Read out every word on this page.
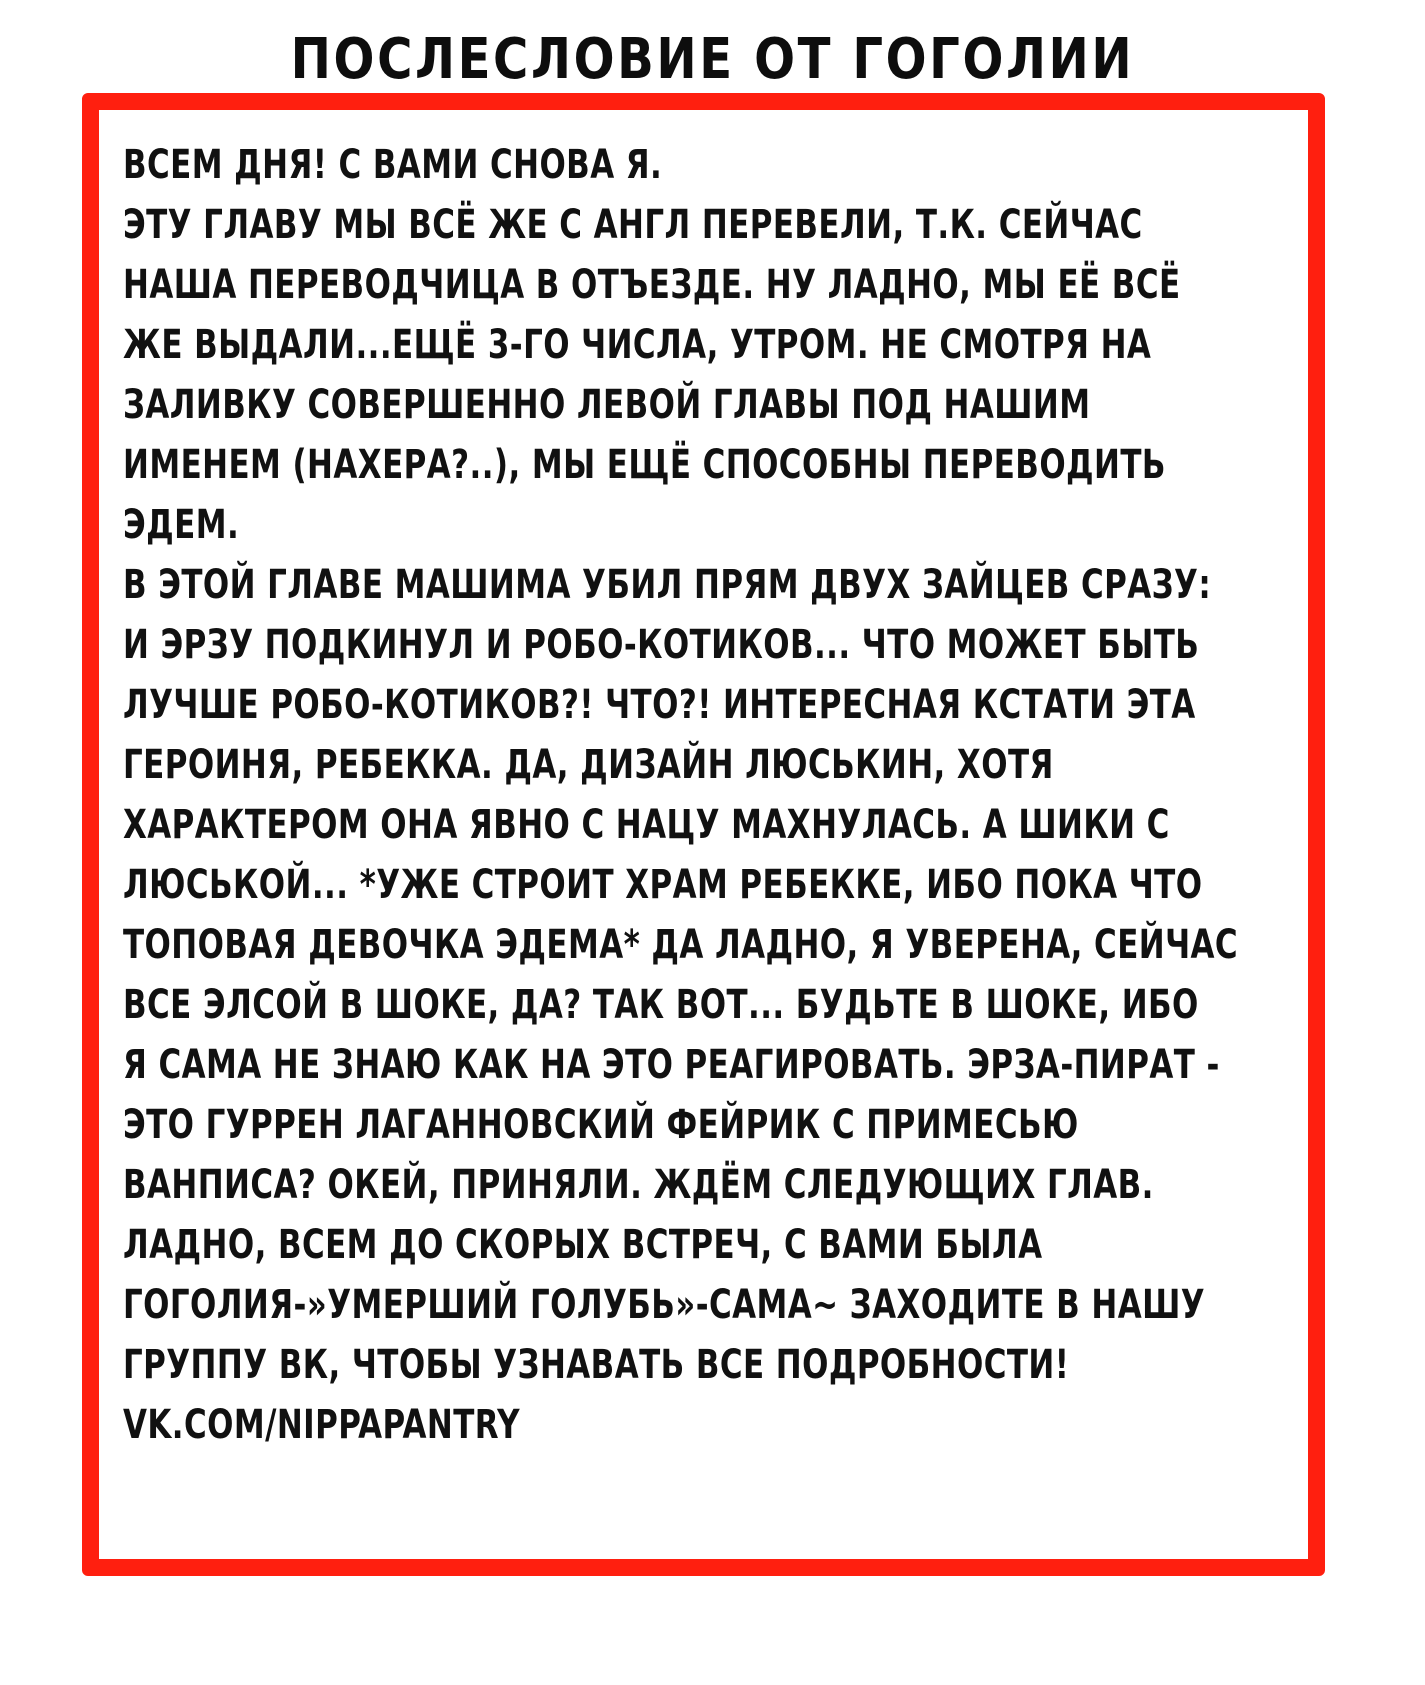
ПОСЛЕСЛОВИЕ ОТ ГОГОЛИИ
ВСЕМ ДНЯ! С ВАМИ СНОВА Я.
ЭТУ ГЛАВУ МЫ ВСЁ ЖЕ С АНГЛ ПЕРЕВЕЛИ, Т.К. СЕЙЧАС
НАША ПЕРЕВОДЧИЦА В ОТЪЕЗДЕ. НУ ЛАДНО, МЫ ЕЁ ВСЁ
ЖЕ ВЫДАЛИ...ЕЩЁ 3-ГО ЧИСЛА, УТРОМ. НЕ СМОТРЯ НА
ЗАЛИВКУ СОВЕРШЕННО ЛЕВОЙ ГЛАВЫ ПОД НАШИМ
ИМЕНЕМ (НАХЕРА?..), МЫ ЕЩЁ СПОСОБНЫ ПЕРЕВОДИТЬ
ЭДЕМ.
В ЭТОЙ ГЛАВЕ МАШИМА УБИЛ ПРЯМ ДВУХ ЗАЙЦЕВ СРАЗУ:
И ЭРЗУ ПОДКИНУЛ И РОБО-КОТИКОВ... ЧТО МОЖЕТ БЫТЬ
ЛУЧШЕ РОБО-КОТИКОВ?! ЧТО?! ИНТЕРЕСНАЯ КСТАТИ ЭТА
ГЕРОИНЯ, РЕБЕККА. ДА, ДИЗАЙН ЛЮСЬКИН, ХОТЯ
ХАРАКТЕРОМ ОНА ЯВНО С НАЦУ МАХНУЛАСЬ. А ШИКИ С
ЛЮСЬКОЙ... *УЖЕ СТРОИТ ХРАМ РЕБЕККЕ, ИБО ПОКА ЧТО
ТОПОВАЯ ДЕВОЧКА ЭДЕМА* ДА ЛАДНО, Я УВЕРЕНА, СЕЙЧАС
ВСЕ ЭЛСОЙ В ШОКЕ, ДА? ТАК ВОТ... БУДЬТЕ В ШОКЕ, ИБО
Я САМА НЕ ЗНАЮ КАК НА ЭТО РЕАГИРОВАТЬ. ЭРЗА-ПИРАТ -
ЭТО ГУРРЕН ЛАГАННОВСКИЙ ФЕЙРИК С ПРИМЕСЬЮ
ВАНПИСА? ОКЕЙ, ПРИНЯЛИ. ЖДЁМ СЛЕДУЮЩИХ ГЛАВ.
ЛАДНО, ВСЕМ ДО СКОРЫХ ВСТРЕЧ, С ВАМИ БЫЛА
ГОГОЛИЯ-»УМЕРШИЙ ГОЛУБЬ»-САМА~ ЗАХОДИТЕ В НАШУ
ГРУППУ ВК, ЧТОБЫ УЗНАВАТЬ ВСЕ ПОДРОБНОСТИ!
VK.COM/NIPPAPANTRY
